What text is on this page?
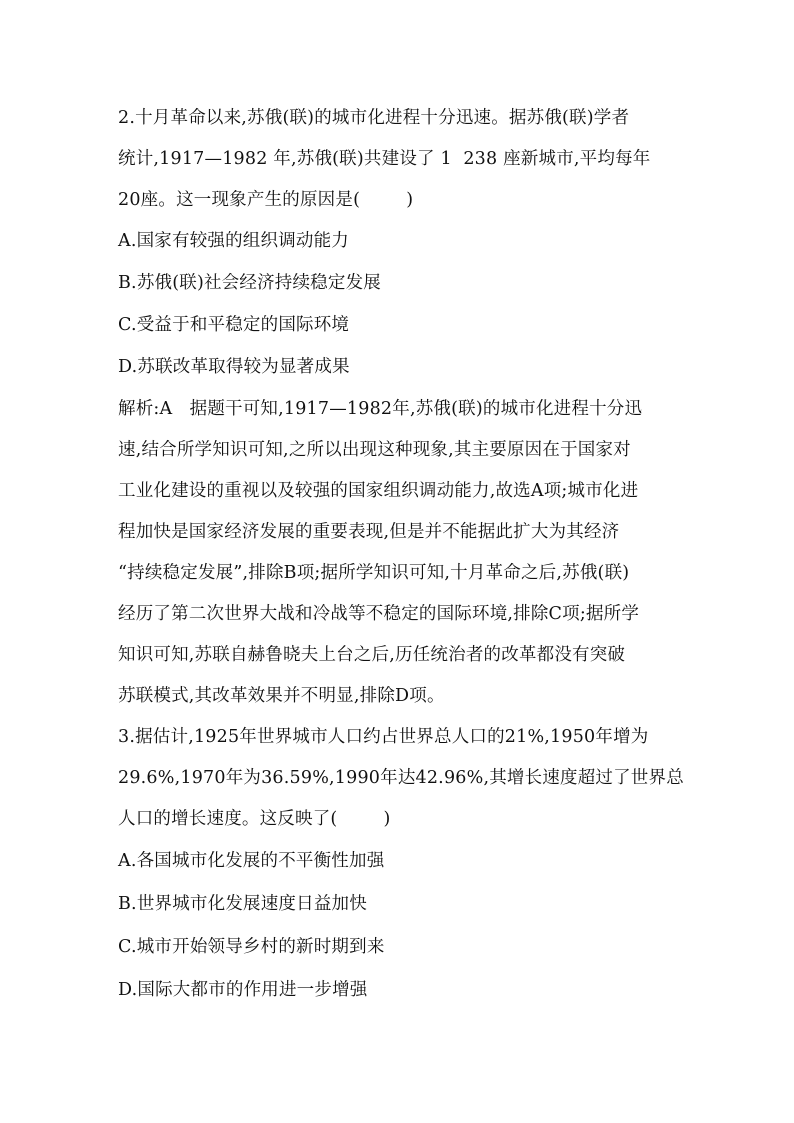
2.十月革命以来,苏俄(联)的城市化进程十分迅速。据苏俄(联)学者
统计,1917—1982 年,苏俄(联)共建设了 1  238 座新城市,平均每年
20座。这一现象产生的原因是(        )
A.国家有较强的组织调动能力
B.苏俄(联)社会经济持续稳定发展
C.受益于和平稳定的国际环境
D.苏联改革取得较为显著成果
解析:A   据题干可知,1917—1982年,苏俄(联)的城市化进程十分迅
速,结合所学知识可知,之所以出现这种现象,其主要原因在于国家对
工业化建设的重视以及较强的国家组织调动能力,故选A项;城市化进
程加快是国家经济发展的重要表现,但是并不能据此扩大为其经济
“持续稳定发展”,排除B项;据所学知识可知,十月革命之后,苏俄(联)
经历了第二次世界大战和冷战等不稳定的国际环境,排除C项;据所学
知识可知,苏联自赫鲁晓夫上台之后,历任统治者的改革都没有突破
苏联模式,其改革效果并不明显,排除D项。
3.据估计,1925年世界城市人口约占世界总人口的21%,1950年增为
29.6%,1970年为36.59%,1990年达42.96%,其增长速度超过了世界总
人口的增长速度。这反映了(        )
A.各国城市化发展的不平衡性加强
B.世界城市化发展速度日益加快
C.城市开始领导乡村的新时期到来
D.国际大都市的作用进一步增强
